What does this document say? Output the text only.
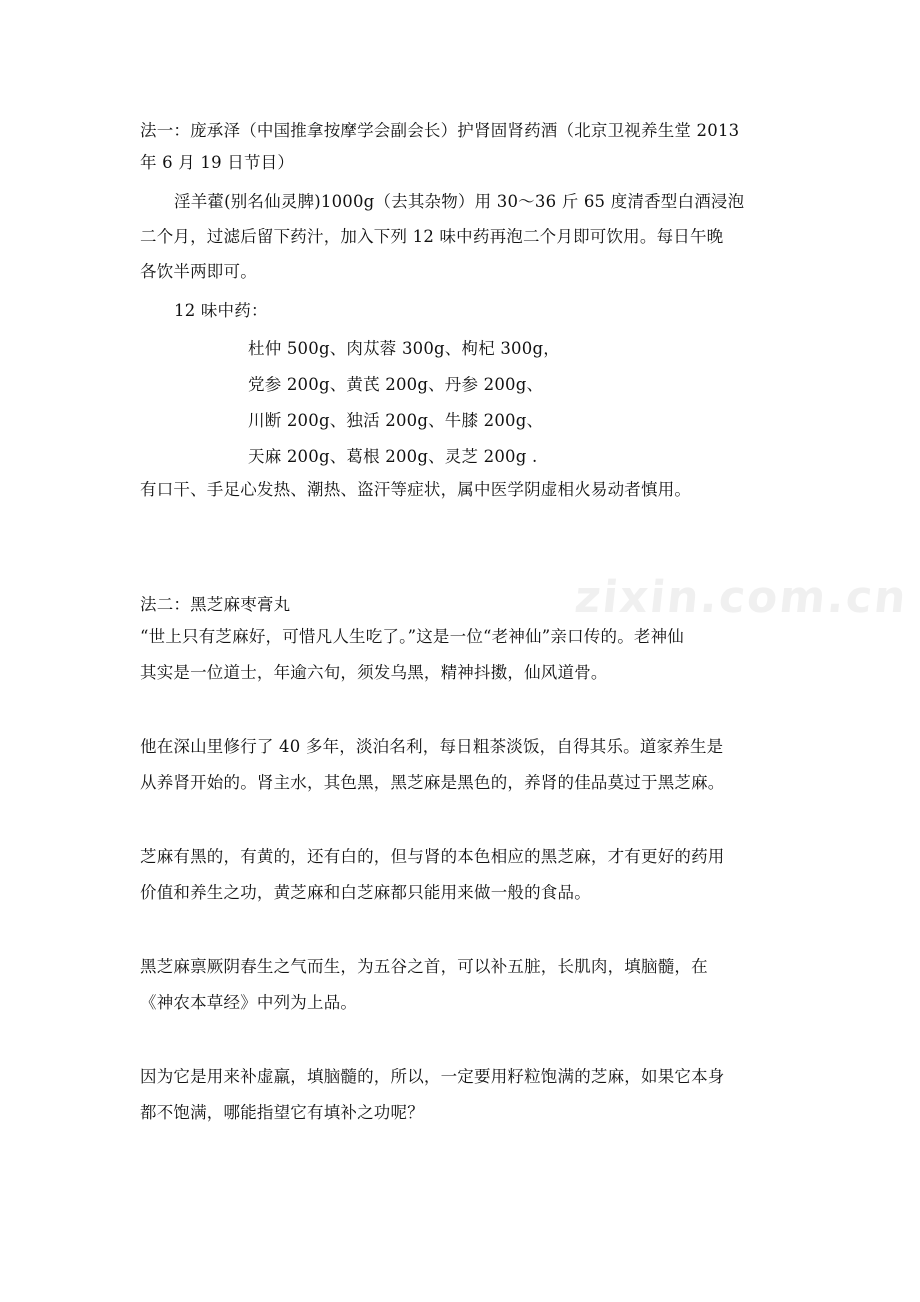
zixin.com.cn
法一：庞承泽（中国推拿按摩学会副会长）护肾固肾药酒（北京卫视养生堂 2013
年 6 月 19 日节目）
淫羊藿(别名仙灵脾)1000g（去其杂物）用 30～36 斤 65 度清香型白酒浸泡
二个月，过滤后留下药汁，加入下列 12 味中药再泡二个月即可饮用。每日午晚
各饮半两即可。
12 味中药：
杜仲 500g、肉苁蓉 300g、枸杞 300g，
党参 200g、黄芪 200g、丹参 200g、
川断 200g、独活 200g、牛膝 200g、
天麻 200g、葛根 200g、灵芝 200g .
有口干、手足心发热、潮热、盗汗等症状，属中医学阴虚相火易动者慎用。
法二：黑芝麻枣膏丸
“世上只有芝麻好，可惜凡人生吃了。”这是一位“老神仙”亲口传的。老神仙
其实是一位道士，年逾六旬，须发乌黑，精神抖擞，仙风道骨。
他在深山里修行了 40 多年，淡泊名利，每日粗茶淡饭，自得其乐。道家养生是
从养肾开始的。肾主水，其色黑，黑芝麻是黑色的，养肾的佳品莫过于黑芝麻。
芝麻有黑的，有黄的，还有白的，但与肾的本色相应的黑芝麻，才有更好的药用
价值和养生之功，黄芝麻和白芝麻都只能用来做一般的食品。
黑芝麻禀厥阴春生之气而生，为五谷之首，可以补五脏，长肌肉，填脑髓，在
《神农本草经》中列为上品。
因为它是用来补虚羸，填脑髓的，所以，一定要用籽粒饱满的芝麻，如果它本身
都不饱满，哪能指望它有填补之功呢？
